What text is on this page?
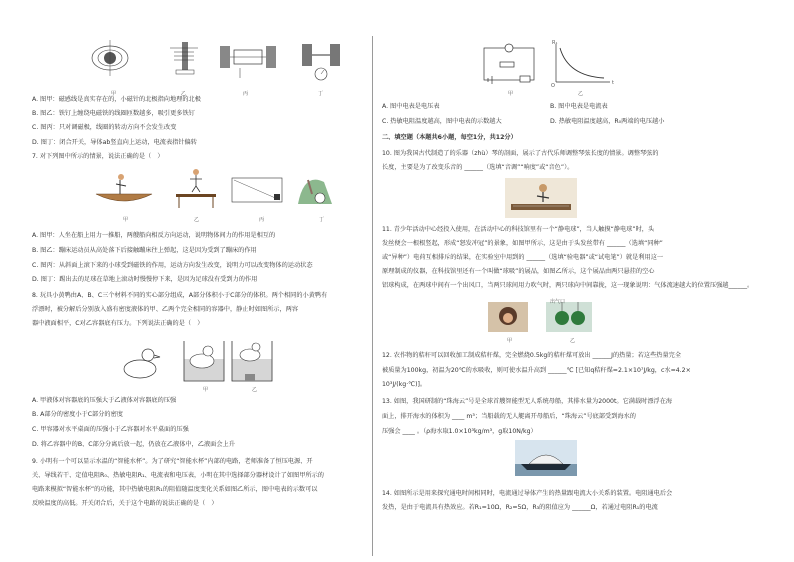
甲	乙	丙	丁
A. 图甲：磁感线是真实存在的，小磁针的北极指向地理的北极
B. 图乙：铁钉上缠绕电磁铁的线圈匝数越多，吸引更多铁钉
C. 图丙：只对调磁极，线圈的转动方向不会发生改变
D. 图丁：闭合开关，导体ab竖直向上运动，电流表指针偏转
7. 对下列图中所示的情景，说法正确的是（　）
甲	乙	丙	丁
A. 图甲：人坐在船上用力一推船，两艘船向相反方向运动，说明物体间力的作用是相互的
B. 图乙：蹦床运动员从高处落下后接触蹦床往上弹起，这是因为受到了蹦床的作用
C. 图丙：从斜面上滚下来的小球受到磁铁的作用，运动方向发生改变，说明力可以改变物体的运动状态
D. 图丁：踢出去的足球在草地上滚动时慢慢停下来，是因为足球没有受到力的作用
8. 玩具小黄鸭由A、B、C三个材料不同的实心部分组成，A部分体积小于C部分的体积。两个相同的小黄鸭有
浮漂时，被分解后分别放入盛有密度液体的甲、乙两个完全相同的容器中，静止时如图所示，两容
器中液面相平，C对乙容器底有压力。下列说法正确的是（　）
甲	乙
A. 甲液体对容器底的压强大于乙液体对容器底的压强
B. A部分的密度小于C部分的密度
C. 甲容器对水平桌面的压强小于乙容器对水平桌面的压强
D. 将乙容器中的B、C部分分离后放一起，仍放在乙液体中，乙液面会上升
9. 小明有一个可以显示水温的“智能水杯”。为了研究“智能水杯”内部的电路，老师准备了恒压电源、开
关、导线若干、定值电阻R₀、热敏电阻R₁、电流表和电压表，小明在其中选择部分器材设计了如图甲所示的
电路来模拟“智能水杯”的功能，其中热敏电阻R₁的阻值随温度变化关系如图乙所示，图中电表的示数可以
反映温度的高低。开关闭合后，关于这个电路的说法正确的是（　）
R₁
t
O
甲	乙
A. 图中电表是电压表	B. 图中电表是电流表
C. 热敏电阻温度越高，图中电表的示数越大	D. 热敏电阻温度越高，R₀两端的电压越小
二、填空题（本题共6小题，每空1分，共12分）
10. 图为我国古代制造了的乐器（zhù）琴的剖面，展示了古代乐师调整琴弦长度的情景。调整琴弦的
长度，主要是为了改变乐音的 ______（选填“音调”“响度”或“音色”）。
11. 青少年活动中心经投入使用，在活动中心的科技馆里有一个“静电球”，当人触摸“静电球”时，头
发丝便会一根根竖起，形成“怒发冲冠”的景象，如图甲所示，这是由于头发丝带有 ______（选填“同种”
或“异种”）电荷互相排斥的结果，在实验室中用到的 ______（选填“验电器”或“试电笔”）就是利用这一
原理制成的仪器，在科技馆里还有一个叫做“球吸”的展品，如图乙所示，这个展品由两只悬挂的空心
铝球构成，在两球中间有一个出风口，当两只球间用力吹气时，两只球向中间靠拢，这一现象说明：气体流速越大的位置压强越______。
出气口
甲	乙
12. 农作物的秸秆可以回收加工制成秸秆煤，完全燃烧0.5kg的秸秆煤可放出 ______J的热量；若这些热量完全
被质量为100kg，初温为20℃的水吸收，则可使水温升高到 ______℃ [已知q秸秆煤=2.1×10⁷J/kg，c水=4.2×
10³J/(kg·℃)]。
13. 如图，我国研制的“珠海云”号是全球首艘智能型无人系统母船，其排水量为2000t。它满载时漂浮在海
面上，排开海水的体积为 ____ m³；当船载的无人艇离开母船后，“珠海云”号底部受到海水的
压强会 ____ 。（ρ海水取1.0×10³kg/m³，g取10N/kg）
14. 如图所示是用来探究通电时间相同时，电流通过导体产生的热量跟电流大小关系的装置。电阻通电后会
发热，是由于电流具有热效应。若R₁=10Ω，R₂=5Ω，R₃的阻值应为 ______Ω，若通过电阻R₁的电流
